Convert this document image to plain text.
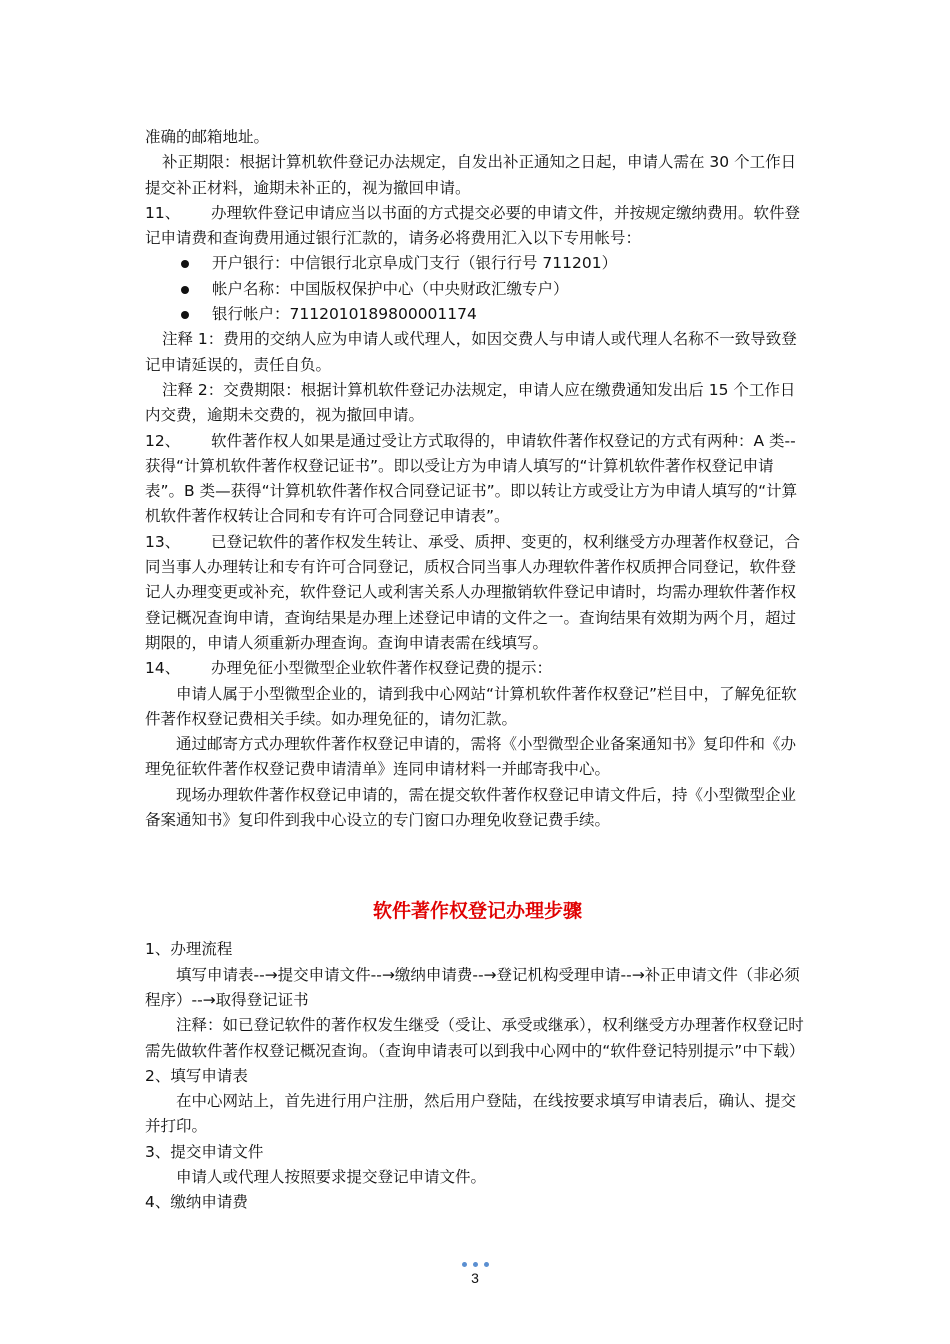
准确的邮箱地址。

补正期限：根据计算机软件登记办法规定，自发出补正通知之日起，申请人需在 30 个工作日提交补正材料，逾期未补正的，视为撤回申请。

11、 办理软件登记申请应当以书面的方式提交必要的申请文件，并按规定缴纳费用。软件登记申请费和查询费用通过银行汇款的，请务必将费用汇入以下专用帐号：

开户银行：中信银行北京阜成门支行（银行行号 711201）
帐户名称：中国版权保护中心（中央财政汇缴专户）
银行帐户：7112010189800001174

注释 1：费用的交纳人应为申请人或代理人，如因交费人与申请人或代理人名称不一致导致登记申请延误的，责任自负。

注释 2：交费期限：根据计算机软件登记办法规定，申请人应在缴费通知发出后 15 个工作日内交费，逾期未交费的，视为撤回申请。

12、 软件著作权人如果是通过受让方式取得的，申请软件著作权登记的方式有两种：A 类--获得“计算机软件著作权登记证书”。即以受让方为申请人填写的“计算机软件著作权登记申请表”。B 类—获得“计算机软件著作权合同登记证书”。即以转让方或受让方为申请人填写的“计算机软件著作权转让合同和专有许可合同登记申请表”。

13、 已登记软件的著作权发生转让、承受、质押、变更的，权利继受方办理著作权登记，合同当事人办理转让和专有许可合同登记，质权合同当事人办理软件著作权质押合同登记，软件登记人办理变更或补充，软件登记人或利害关系人办理撤销软件登记申请时，均需办理软件著作权登记概况查询申请，查询结果是办理上述登记申请的文件之一。查询结果有效期为两个月，超过期限的，申请人须重新办理查询。查询申请表需在线填写。

14、 办理免征小型微型企业软件著作权登记费的提示：

申请人属于小型微型企业的，请到我中心网站“计算机软件著作权登记”栏目中，了解免征软件著作权登记费相关手续。如办理免征的，请勿汇款。

通过邮寄方式办理软件著作权登记申请的，需将《小型微型企业备案通知书》复印件和《办理免征软件著作权登记费申请清单》连同申请材料一并邮寄我中心。

现场办理软件著作权登记申请的，需在提交软件著作权登记申请文件后，持《小型微型企业备案通知书》复印件到我中心设立的专门窗口办理免收登记费手续。

软件著作权登记办理步骤

1、办理流程

填写申请表--→提交申请文件--→缴纳申请费--→登记机构受理申请--→补正申请文件（非必须程序）--→取得登记证书

注释：如已登记软件的著作权发生继受（受让、承受或继承），权利继受方办理著作权登记时需先做软件著作权登记概况查询。（查询申请表可以到我中心网中的“软件登记特别提示”中下载）

2、填写申请表

在中心网站上，首先进行用户注册，然后用户登陆，在线按要求填写申请表后，确认、提交并打印。

3、提交申请文件

申请人或代理人按照要求提交登记申请文件。

4、缴纳申请费

3
